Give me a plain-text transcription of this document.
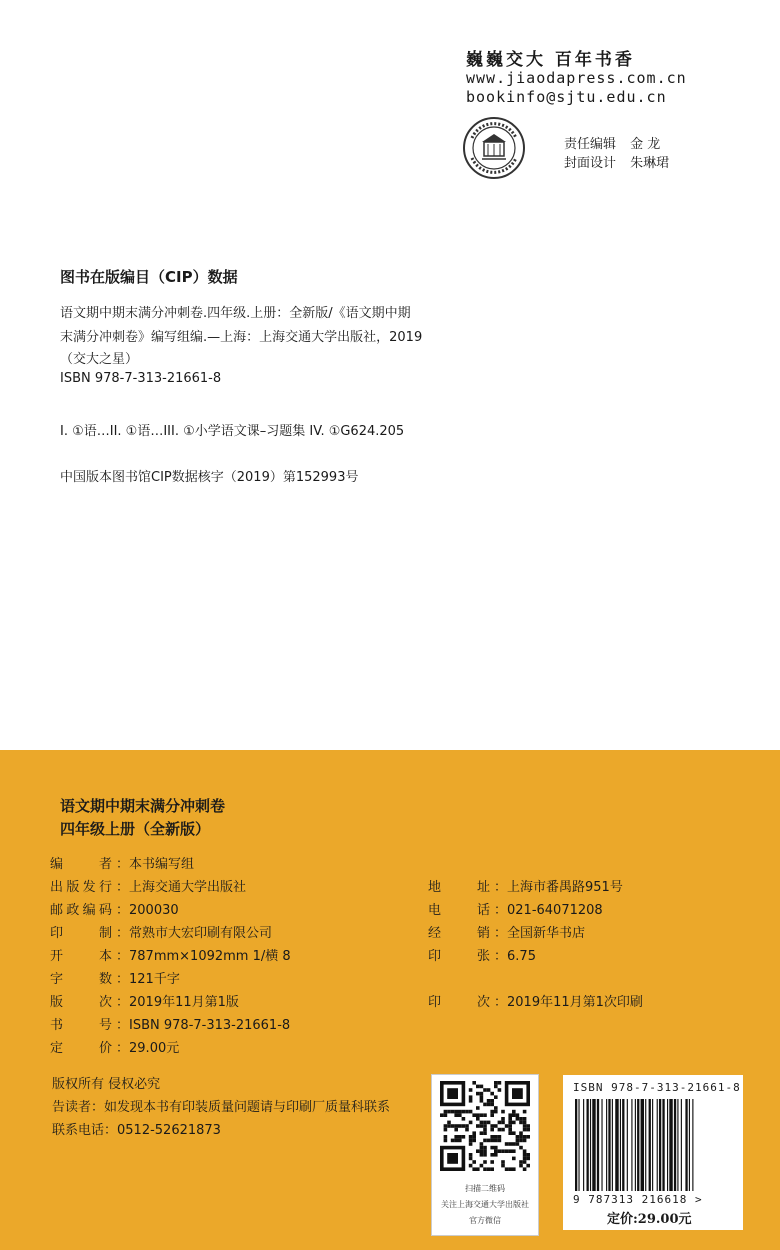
巍巍交大 百年书香
www.jiaodapress.com.cn
bookinfo@sjtu.edu.cn
责任编辑 金 龙
封面设计 朱琳珺
图书在版编目（CIP）数据
语文期中期末满分冲刺卷.四年级.上册：全新版/《语文期中期
末满分冲刺卷》编写组编.—上海：上海交通大学出版社，2019
（交大之星）
ISBN 978-7-313-21661-8
I. ①语…II. ①语…III. ①小学语文课–习题集 IV. ①G624.205
中国版本图书馆CIP数据核字（2019）第152993号
语文期中期末满分冲刺卷
四年级上册（全新版）
编者 ：本书编写组
出版发行 ：上海交通大学出版社
邮政编码 ：200030
印制 ：常熟市大宏印刷有限公司
开本 ：787mm×1092mm 1/横 8
字数 ：121千字
版次 ：2019年11月第1版
书号 ：ISBN 978-7-313-21661-8
定价 ：29.00元
地址 ：上海市番禺路951号
电话 ：021-64071208
经销 ：全国新华书店
印张 ：6.75
印次 ：2019年11月第1次印刷
版权所有 侵权必究
告读者：如发现本书有印装质量问题请与印刷厂质量科联系
联系电话：0512-52621873
扫描二维码
关注上海交通大学出版社
官方微信
ISBN 978-7-313-21661-8
9 787313 216618 >
定价:29.00元
